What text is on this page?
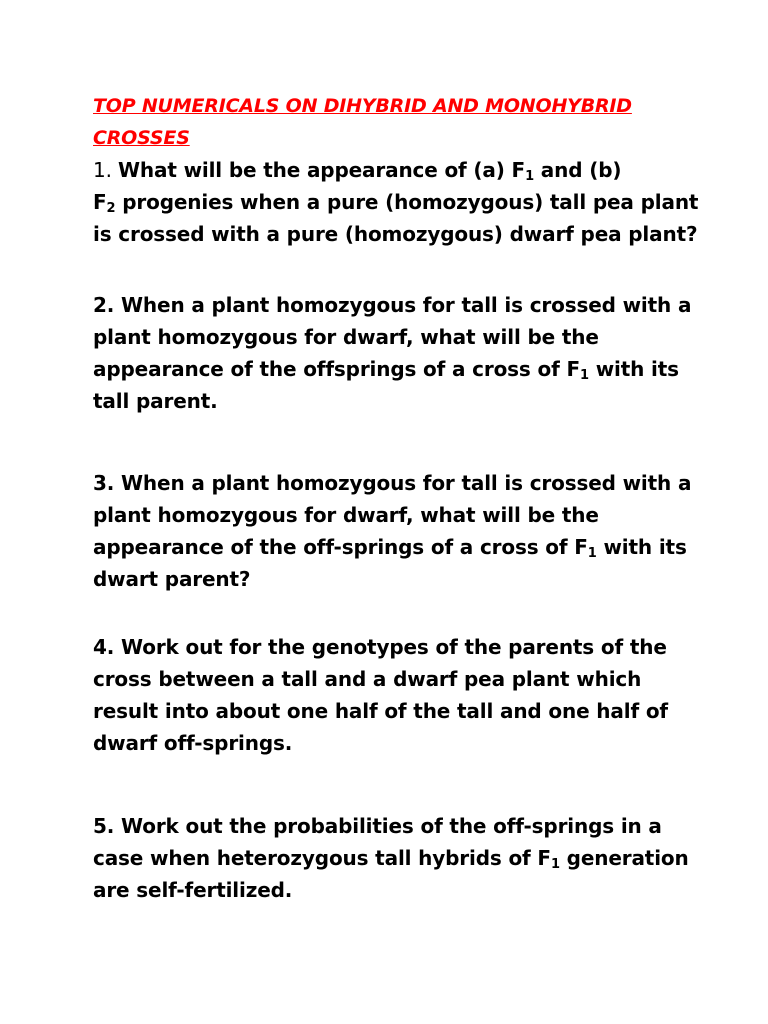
TOP NUMERICALS ON DIHYBRID AND MONOHYBRID
CROSSES
1. What will be the appearance of (a) $F_1$ and (b)
$F_2$ progenies when a pure (homozygous) tall pea plant
is crossed with a pure (homozygous) dwarf pea plant?
2. When a plant homozygous for tall is crossed with a
plant homozygous for dwarf, what will be the
appearance of the offsprings of a cross of $F_1$ with its
tall parent.
3. When a plant homozygous for tall is crossed with a
plant homozygous for dwarf, what will be the
appearance of the off-springs of a cross of $F_1$ with its
dwart parent?
4. Work out for the genotypes of the parents of the
cross between a tall and a dwarf pea plant which
result into about one half of the tall and one half of
dwarf off-springs.
5. Work out the probabilities of the off-springs in a
case when heterozygous tall hybrids of $F_1$ generation
are self-fertilized.
